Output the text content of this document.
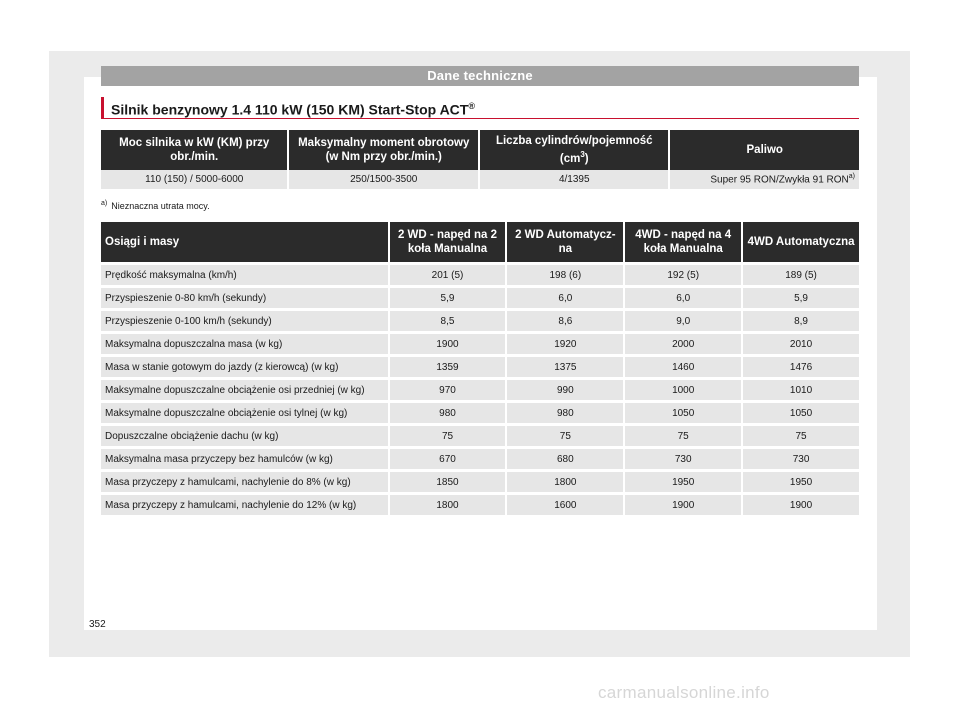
Dane techniczne
Silnik benzynowy 1.4 110 kW (150 KM) Start-Stop ACT®
Moc silnika w kW (KM) przy obr./min.	Maksymalny moment obrotowy (w Nm przy obr./min.)	Liczba cylindrów/pojemność $(cm^3)$	Paliwo
110 (150) / 5000-6000	250/1500-3500	4/1395	Super 95 RON/Zwykła 91 RON$^{a)}$
$^{a)}$ Nieznaczna utrata mocy.
Osiągi i masy	2 WD - napęd na 2 koła Manualna	2 WD Automatycz-na	4WD - napęd na 4 koła Manualna	4WD Automatyczna
Prędkość maksymalna (km/h)	201 (5)	198 (6)	192 (5)	189 (5)
Przyspieszenie 0-80 km/h (sekundy)	5,9	6,0	6,0	5,9
Przyspieszenie 0-100 km/h (sekundy)	8,5	8,6	9,0	8,9
Maksymalna dopuszczalna masa (w kg)	1900	1920	2000	2010
Masa w stanie gotowym do jazdy (z kierowcą) (w kg)	1359	1375	1460	1476
Maksymalne dopuszczalne obciążenie osi przedniej (w kg)	970	990	1000	1010
Maksymalne dopuszczalne obciążenie osi tylnej (w kg)	980	980	1050	1050
Dopuszczalne obciążenie dachu (w kg)	75	75	75	75
Maksymalna masa przyczepy bez hamulców (w kg)	670	680	730	730
Masa przyczepy z hamulcami, nachylenie do 8% (w kg)	1850	1800	1950	1950
Masa przyczepy z hamulcami, nachylenie do 12% (w kg)	1800	1600	1900	1900
352
carmanualsonline.info
